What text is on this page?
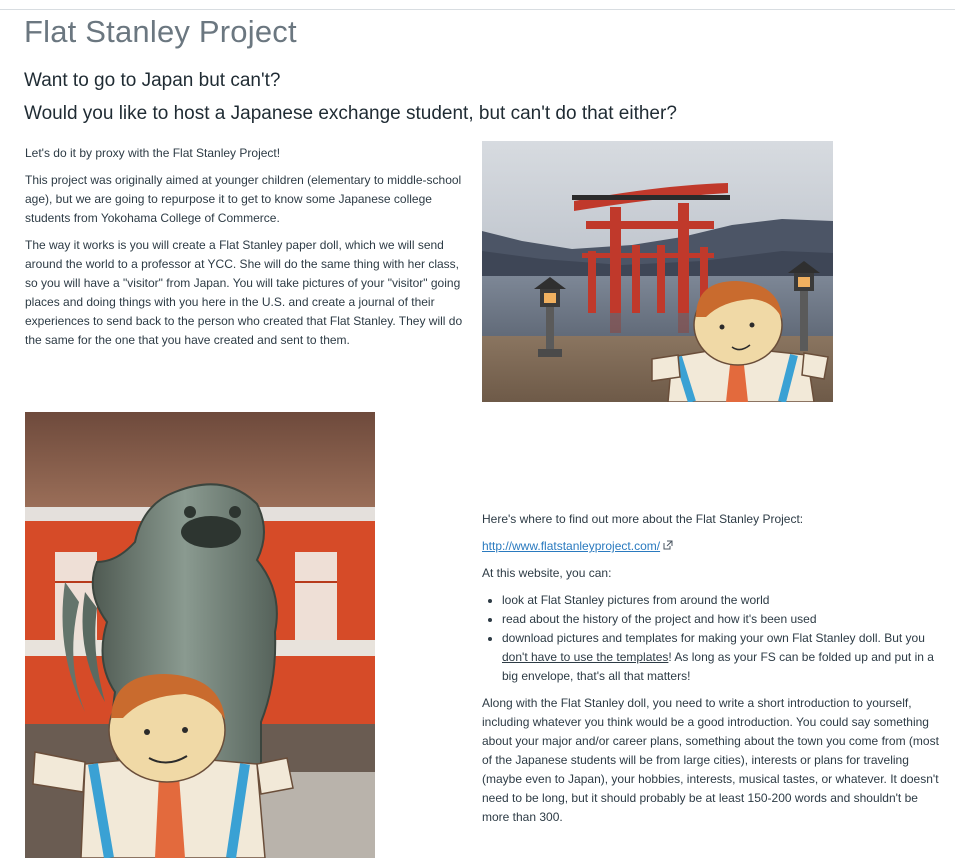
Flat Stanley Project
Want to go to Japan but can't?
Would you like to host a Japanese exchange student, but can't do that either?

Let's do it by proxy with the Flat Stanley Project!

This project was originally aimed at younger children (elementary to middle-school age), but we are going to repurpose it to get to know some Japanese college students from Yokohama College of Commerce.

The way it works is you will create a Flat Stanley paper doll, which we will send around the world to a professor at YCC. She will do the same thing with her class, so you will have a "visitor" from Japan. You will take pictures of your "visitor" going places and doing things with you here in the U.S. and create a journal of their experiences to send back to the person who created that Flat Stanley. They will do the same for the one that you have created and sent to them.

Here's where to find out more about the Flat Stanley Project:

http://www.flatstanleyproject.com/

At this website, you can:

• look at Flat Stanley pictures from around the world
• read about the history of the project and how it's been used
• download pictures and templates for making your own Flat Stanley doll. But you don't have to use the templates! As long as your FS can be folded up and put in a big envelope, that's all that matters!

Along with the Flat Stanley doll, you need to write a short introduction to yourself, including whatever you think would be a good introduction. You could say something about your major and/or career plans, something about the town you come from (most of the Japanese students will be from large cities), interests or plans for traveling (maybe even to Japan), your hobbies, interests, musical tastes, or whatever. It doesn't need to be long, but it should probably be at least 150-200 words and shouldn't be more than 300.
